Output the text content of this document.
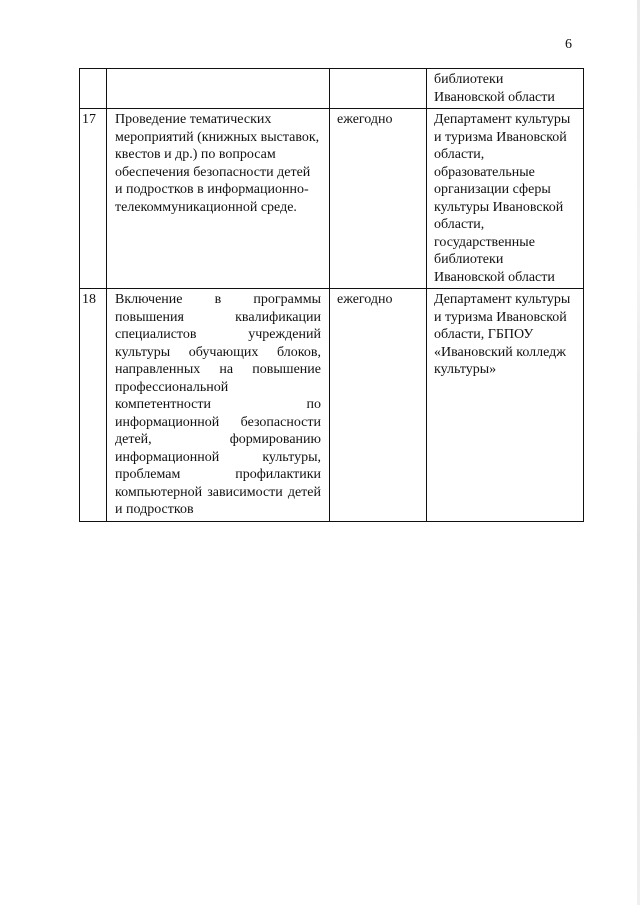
6

			библиотеки Ивановской области

17	Проведение тематических мероприятий (книжных выставок, квестов и др.) по вопросам обеспечения безопасности детей и подростков в информационно-телекоммуникационной среде.	ежегодно	Департамент культуры и туризма Ивановской области, образовательные организации сферы культуры Ивановской области, государственные библиотеки Ивановской области

18	Включение в программы повышения квалификации специалистов учреждений культуры обучающих блоков, направленных на повышение профессиональной компетентности по информационной безопасности детей, формированию информационной культуры, проблемам профилактики компьютерной зависимости детей и подростков	ежегодно	Департамент культуры и туризма Ивановской области, ГБПОУ «Ивановский колледж культуры»
